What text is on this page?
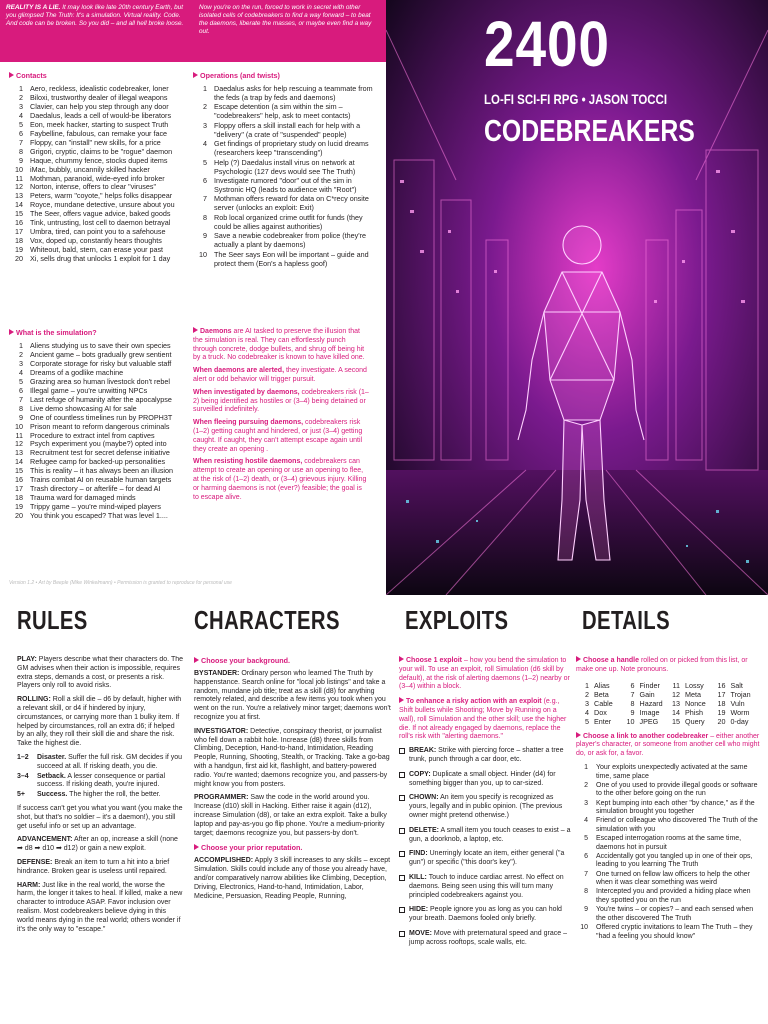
REALITY IS A LIE. It may look like late 20th century Earth, but you glimpsed The Truth: It's a simulation. Virtual reality. Code. And code can be broken. So you did – and all hell broke loose.
Now you're on the run, forced to work in secret with other isolated cells of codebreakers to find a way forward – to beat the daemons, liberate the masses, or maybe even find a way out.
Contacts
1 Aero, reckless, idealistic codebreaker, loner
2 Biloxi, trustworthy dealer of illegal weapons
3 Clavier, can help you step through any door
4 Daedalus, leads a cell of would-be liberators
5 Eon, meek hacker, starting to suspect Truth
6 Faybelline, fabulous, can remake your face
7 Floppy, can "install" new skills, for a price
8 Grigori, cryptic, claims to be "rogue" daemon
9 Haque, chummy fence, stocks duped items
10 iMac, bubbly, uncannily skilled hacker
11 Mothman, paranoid, wide-eyed info broker
12 Norton, intense, offers to clear "viruses"
13 Peters, warm "coyote," helps folks disappear
14 Royce, mundane detective, unsure about you
15 The Seer, offers vague advice, baked goods
16 Tink, untrusting, lost cell to daemon betrayal
17 Umbra, tired, can point you to a safehouse
18 Vox, doped up, constantly hears thoughts
19 Whiteout, bald, stern, can erase your past
20 Xi, sells drug that unlocks 1 exploit for 1 day
What is the simulation?
1 Aliens studying us to save their own species
2 Ancient game – bots gradually grew sentient
3 Corporate storage for risky but valuable staff
4 Dreams of a godlike machine
5 Grazing area so human livestock don't rebel
6 Illegal game – you're unwitting NPCs
7 Last refuge of humanity after the apocalypse
8 Live demo showcasing AI for sale
9 One of countless timelines run by PROPH3T
10 Prison meant to reform dangerous criminals
11 Procedure to extract intel from captives
12 Psych experiment you (maybe?) opted into
13 Recruitment test for secret defense initiative
14 Refugee camp for backed-up personalities
15 This is reality – it has always been an illusion
16 Trains combat AI on reusable human targets
17 Trash directory – or afterlife – for dead AI
18 Trauma ward for damaged minds
19 Trippy game – you're mind-wiped players
20 You think you escaped? That was level 1....
Operations (and twists)
1 Daedalus asks for help rescuing a teammate from the feds (a trap by feds and daemons)
2 Escape detention (a sim within the sim – "codebreakers" help, ask to meet contacts)
3 Floppy offers a skill install each for help with a "delivery" (a crate of "suspended" people)
4 Get findings of proprietary study on lucid dreams (researchers keep "transcending")
5 Help (?) Daedalus install virus on network at Psychologic (127 devs would see The Truth)
6 Investigate rumored "door" out of the sim in Systronic HQ (leads to audience with "Root")
7 Mothman offers reward for data on C*recy onsite server (unlocks an exploit: Exit)
8 Rob local organized crime outfit for funds (they could be allies against authorities)
9 Save a newbie codebreaker from police (they're actually a plant by daemons)
10 The Seer says Eon will be important – guide and protect them (Eon's a hapless goof)

Daemons are AI tasked to preserve the illusion that the simulation is real. They can effortlessly punch through concrete, dodge bullets, and shrug off being hit by a truck. No codebreaker is known to have killed one.

When daemons are alerted, they investigate. A second alert or odd behavior will trigger pursuit.

When investigated by daemons, codebreakers risk (1–2) being identified as hostiles or (3–4) being detained or surveilled indefinitely.

When fleeing pursuing daemons, codebreakers risk (1–2) getting caught and hindered, or just (3–4) getting caught. If caught, they can't attempt escape again until they create an opening .

When resisting hostile daemons, codebreakers can attempt to create an opening or use an opening to flee, at the risk of (1–2) death, or (3–4) grievous injury. Killing or harming daemons is not (ever?) feasible; the goal is to escape alive.

Version 1.2 • Art by Beeple (Mike Winkelmann) • Permission is granted to reproduce for personal use
2400
LO-FI SCI-FI RPG • JASON TOCCI
CODEBREAKERS
RULES

PLAY: Players describe what their characters do. The GM advises when their action is impossible, requires extra steps, demands a cost, or presents a risk. Players only roll to avoid risks.

ROLLING: Roll a skill die – d6 by default, higher with a relevant skill, or d4 if hindered by injury, circumstances, or carrying more than 1 bulky item. If helped by circumstances, roll an extra d6; if helped by an ally, they roll their skill die and share the risk. Take the highest die.

1–2	Disaster. Suffer the full risk. GM decides if you succeed at all. If risking death, you die.
3–4	Setback. A lesser consequence or partial success. If risking death, you're injured.
5+	Success. The higher the roll, the better.

If success can't get you what you want (you make the shot, but that's no soldier – it's a daemon!), you still get useful info or set up an advantage.

ADVANCEMENT: After an op, increase a skill (none ➡ d8 ➡ d10 ➡ d12) or gain a new exploit.

DEFENSE: Break an item to turn a hit into a brief hindrance. Broken gear is useless until repaired.

HARM: Just like in the real world, the worse the harm, the longer it takes to heal. If killed, make a new character to introduce ASAP. Favor inclusion over realism. Most codebreakers believe dying in this world means dying in the real world; others wonder if it's the only way to "escape."

CHARACTERS
Choose your background.

BYSTANDER: Ordinary person who learned The Truth by happenstance. Search online for "local job listings" and take a random, mundane job title; treat as a skill (d8) for anything remotely related, and describe a few items you took when you went on the run. You're a relatively minor target; daemons won't recognize you at first.

INVESTIGATOR: Detective, conspiracy theorist, or journalist who fell down a rabbit hole. Increase (d8) three skills from Climbing, Deception, Hand-to-hand, Intimidation, Reading People, Running, Shooting, Stealth, or Tracking. Take a go-bag with a handgun, first aid kit, flashlight, and battery-powered radio. You're wanted; daemons recognize you, and passers-by might know you from posters.

PROGRAMMER: Saw the code in the world around you. Increase (d10) skill in Hacking. Either raise it again (d12), increase Simulation (d8), or take an extra exploit. Take a bulky laptop and pay-as-you go flip phone. You're a medium-priority target; daemons recognize you, but passers-by don't.

Choose your prior reputation.

ACCOMPLISHED: Apply 3 skill increases to any skills – except Simulation. Skills could include any of those you already have, and/or comparatively narrow abilities like Climbing, Deception, Driving, Electronics, Hand-to-hand, Intimidation, Labor, Medicine, Persuasion, Reading People, Running,

EXPLOITS

Choose 1 exploit – how you bend the simulation to your will. To use an exploit, roll Simulation (d6 skill by default), at the risk of alerting daemons (1–2) nearby or (3–4) within a block.

To enhance a risky action with an exploit (e.g., Shift bullets while Shooting; Move by Running on a wall), roll Simulation and the other skill; use the higher die. If not already engaged by daemons, replace the roll's risk with "alerting daemons."

BREAK: Strike with piercing force – shatter a tree trunk, punch through a car door, etc.
COPY: Duplicate a small object. Hinder (d4) for something bigger than you, up to car-sized.
CHOWN: An item you specify is recognized as yours, legally and in public opinion. (The previous owner might pretend otherwise.)
DELETE: A small item you touch ceases to exist – a gun, a doorknob, a laptop, etc.
FIND: Unerringly locate an item, either general ("a gun") or specific ("this door's key").
KILL: Touch to induce cardiac arrest. No effect on daemons. Being seen using this will turn many principled codebreakers against you.
HIDE: People ignore you as long as you can hold your breath. Daemons fooled only briefly.
MOVE: Move with preternatural speed and grace – jump across rooftops, scale walls, etc.
DETAILS

Choose a handle rolled on or picked from this list, or make one up. Note pronouns.

1 Alias	6 Finder	11 Lossy	16 Salt
2 Beta	7 Gain	12 Meta	17 Trojan
3 Cable	8 Hazard	13 Nonce	18 Vuln
4 Dox	9 Image	14 Phish	19 Worm
5 Enter	10 JPEG	15 Query	20 0-day

Choose a link to another codebreaker – either another player's character, or someone from another cell who might do, or ask for, a favor.

1 Your exploits unexpectedly activated at the same time, same place
2 One of you used to provide illegal goods or software to the other before going on the run
3 Kept bumping into each other "by chance," as if the simulation brought you together
4 Friend or colleague who discovered The Truth of the simulation with you
5 Escaped interrogation rooms at the same time, daemons hot in pursuit
6 Accidentally got you tangled up in one of their ops, leading to you learning The Truth
7 One turned on fellow law officers to help the other when it was clear something was weird
8 Intercepted you and provided a hiding place when they spotted you on the run
9 You're twins – or copies? – and each sensed when the other discovered The Truth
10 Offered cryptic invitations to learn The Truth – they "had a feeling you should know"
